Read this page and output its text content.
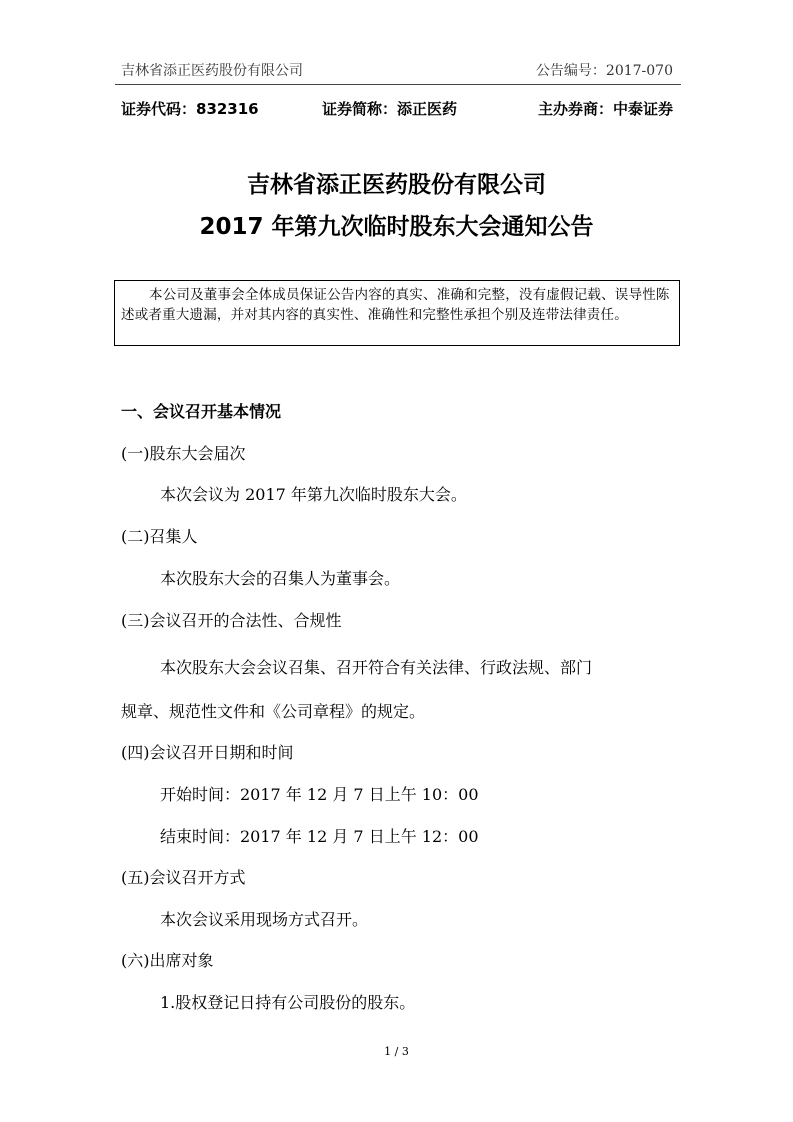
吉林省添正医药股份有限公司	公告编号：2017-070
证券代码：832316	证券简称：添正医药	主办券商：中泰证券
吉林省添正医药股份有限公司
2017 年第九次临时股东大会通知公告

本公司及董事会全体成员保证公告内容的真实、准确和完整，没有虚假记载、误导性陈述或者重大遗漏，并对其内容的真实性、准确性和完整性承担个别及连带法律责任。

一、会议召开基本情况
(一)股东大会届次
本次会议为 2017 年第九次临时股东大会。
(二)召集人
本次股东大会的召集人为董事会。
(三)会议召开的合法性、合规性
本次股东大会会议召集、召开符合有关法律、行政法规、部门
规章、规范性文件和《公司章程》的规定。
(四)会议召开日期和时间
开始时间：2017 年 12 月 7 日上午 10：00
结束时间：2017 年 12 月 7 日上午 12：00
(五)会议召开方式
本次会议采用现场方式召开。
(六)出席对象
1.股权登记日持有公司股份的股东。
1 / 3
